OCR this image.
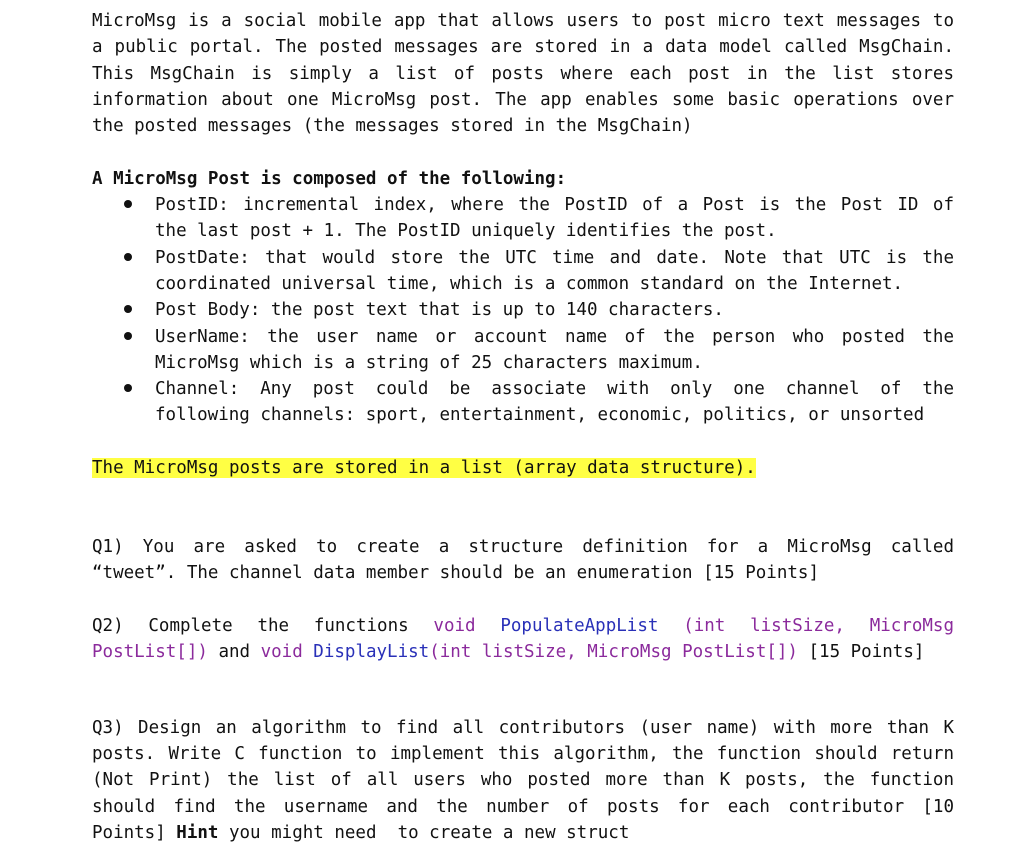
MicroMsg is a social mobile app that allows users to post micro text messages to
a public portal. The posted messages are stored in a data model called MsgChain.
This MsgChain is simply a list of posts where each post in the list stores
information about one MicroMsg post. The app enables some basic operations over
the posted messages (the messages stored in the MsgChain)
A MicroMsg Post is composed of the following:
PostID: incremental index, where the PostID of a Post is the Post ID of
the last post + 1. The PostID uniquely identifies the post.
PostDate: that would store the UTC time and date. Note that UTC is the
coordinated universal time, which is a common standard on the Internet.
Post Body: the post text that is up to 140 characters.
UserName: the user name or account name of the person who posted the
MicroMsg which is a string of 25 characters maximum.
Channel: Any post could be associate with only one channel of the
following channels: sport, entertainment, economic, politics, or unsorted
The MicroMsg posts are stored in a list (array data structure).
Q1) You are asked to create a structure definition for a MicroMsg called
“tweet”. The channel data member should be an enumeration [15 Points]
Q2) Complete the functions void PopulateAppList (int listSize, MicroMsg
PostList[]) and void DisplayList(int listSize, MicroMsg PostList[]) [15 Points]
Q3) Design an algorithm to find all contributors (user name) with more than K
posts. Write C function to implement this algorithm, the function should return
(Not Print) the list of all users who posted more than K posts, the function
should find the username and the number of posts for each contributor [10
Points] Hint you might need  to create a new struct
